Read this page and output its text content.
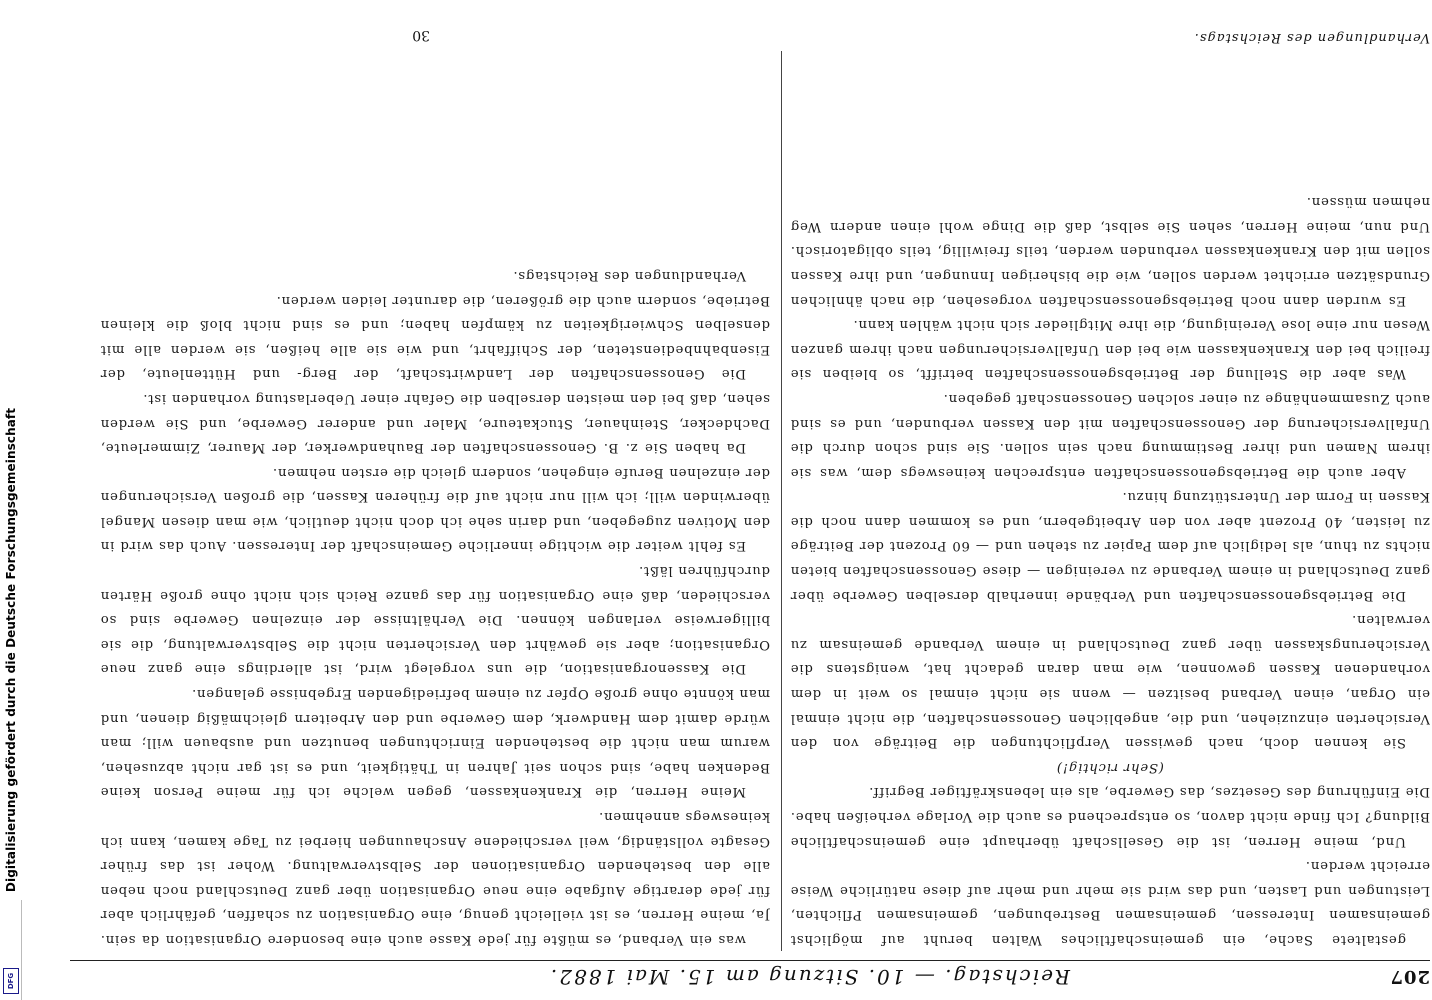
Digitalisierung gefördert durch die Deutsche Forschungsgemeinschaft
DFG	207
Reichstag. — 10. Sitzung am 15. Mai 1882.

gestaltete Sache, ein gemeinschaftliches Walten beruht auf möglichst gemeinsamen Interessen, gemeinsamen Bestrebungen, gemeinsamen Pflichten, Leistungen und Lasten, und das wird sie mehr und mehr auf diese natürliche Weise erreicht werden.

Und, meine Herren, ist die Gesellschaft überhaupt eine gemeinschaftliche Bildung? Ich finde nicht davon, so entsprechend es auch die Vorlage verheißen habe. Die Einführung des Gesetzes, das Gewerbe, als ein lebenskräftiger Begriff.

(Sehr richtig!)

Sie kennen doch, nach gewissen Verpflichtungen die Beiträge von den Versicherten einzuziehen, und die, angeblichen Genossenschaften, die nicht einmal ein Organ, einen Verband besitzen — wenn sie nicht einmal so weit in dem vorhandenen Kassen gewonnen, wie man daran gedacht hat, wenigstens die Versicherungskassen über ganz Deutschland in einem Verbande gemeinsam zu verwalten.

Die Betriebsgenossenschaften und Verbände innerhalb derselben Gewerbe über ganz Deutschland in einem Verbande zu vereinigen — diese Genossenschaften bieten nichts zu thun, als lediglich auf dem Papier zu stehen und — 60 Prozent der Beiträge zu leisten, 40 Prozent aber von den Arbeitgebern, und es kommen dann noch die Kassen in Form der Unterstützung hinzu.

Aber auch die Betriebsgenossenschaften entsprechen keineswegs dem, was sie ihrem Namen und ihrer Bestimmung nach sein sollen. Sie sind schon durch die Unfallversicherung der Genossenschaften mit den Kassen verbunden, und es sind auch Zusammenhänge zu einer solchen Genossenschaft gegeben.

Was aber die Stellung der Betriebsgenossenschaften betrifft, so bleiben sie freilich bei den Krankenkassen wie bei den Unfallversicherungen nach ihrem ganzen Wesen nur eine lose Vereinigung, die ihre Mitglieder sich nicht wählen kann.

Es wurden dann noch Betriebsgenossenschaften vorgesehen, die nach ähnlichen Grundsätzen errichtet werden sollen, wie die bisherigen Innungen, und ihre Kassen sollen mit den Krankenkassen verbunden werden, teils freiwillig, teils obligatorisch. Und nun, meine Herren, sehen Sie selbst, daß die Dinge wohl einen andern Weg nehmen müssen.

was ein Verband, es müßte für jede Kasse auch eine besondere Organisation da sein. Ja, meine Herren, es ist vielleicht genug, eine Organisation zu schaffen, gefährlich aber für jede derartige Aufgabe eine neue Organisation über ganz Deutschland noch neben alle den bestehenden Organisationen der Selbstverwaltung. Woher ist das früher Gesagte vollständig, weil verschiedene Anschauungen hierbei zu Tage kamen, kann ich keineswegs annehmen.

Meine Herren, die Krankenkassen, gegen welche ich für meine Person keine Bedenken habe, sind schon seit Jahren in Thätigkeit, und es ist gar nicht abzusehen, warum man nicht die bestehenden Einrichtungen benutzen und ausbauen will; man würde damit dem Handwerk, dem Gewerbe und den Arbeitern gleichmäßig dienen, und man könnte ohne große Opfer zu einem befriedigenden Ergebnisse gelangen.

Die Kassenorganisation, die uns vorgelegt wird, ist allerdings eine ganz neue Organisation; aber sie gewährt den Versicherten nicht die Selbstverwaltung, die sie billigerweise verlangen können. Die Verhältnisse der einzelnen Gewerbe sind so verschieden, daß eine Organisation für das ganze Reich sich nicht ohne große Härten durchführen läßt.

Es fehlt weiter die wichtige innerliche Gemeinschaft der Interessen. Auch das wird in den Motiven zugegeben, und darin sehe ich doch nicht deutlich, wie man diesen Mangel überwinden will; ich will nur nicht auf die früheren Kassen, die großen Versicherungen der einzelnen Berufe eingehen, sondern gleich die ersten nehmen.

Da haben Sie z. B. Genossenschaften der Bauhandwerker, der Maurer, Zimmerleute, Dachdecker, Steinhauer, Stuckateure, Maler und anderer Gewerbe, und Sie werden sehen, daß bei den meisten derselben die Gefahr einer Ueberlastung vorhanden ist.

Die Genossenschaften der Landwirtschaft, der Berg- und Hüttenleute, der Eisenbahnbediensteten, der Schiffahrt, und wie sie alle heißen, sie werden alle mit denselben Schwierigkeiten zu kämpfen haben; und es sind nicht bloß die kleinen Betriebe, sondern auch die größeren, die darunter leiden werden.

Verhandlungen des Reichstags.

Verhandlungen des Reichstags.
30
